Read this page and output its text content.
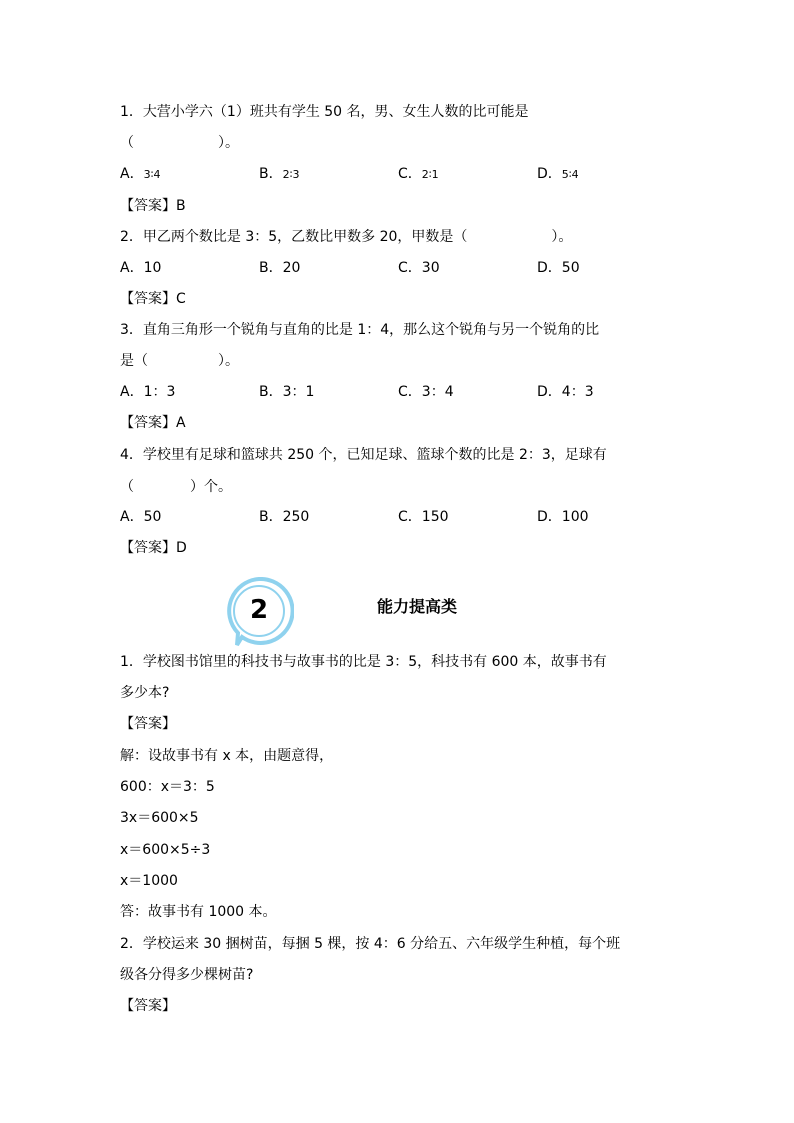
1．大营小学六（1）班共有学生 50 名，男、女生人数的比可能是

（　　　　　　）。

A．3∶4	B．2∶3	C．2∶1	D．5∶4

【答案】B

2．甲乙两个数比是 3：5，乙数比甲数多 20，甲数是（　　　　　　）。

A．10	B．20	C．30	D．50

【答案】C

3．直角三角形一个锐角与直角的比是 1：4，那么这个锐角与另一个锐角的比

是（　　　　　）。

A．1：3	B．3：1	C．3：4	D．4：3

【答案】A

4．学校里有足球和篮球共 250 个，已知足球、篮球个数的比是 2：3，足球有

（　　　　）个。

A．50	B．250	C．150	D．100

【答案】D

2	能力提高类

1．学校图书馆里的科技书与故事书的比是 3：5，科技书有 600 本，故事书有

多少本?

【答案】

解：设故事书有 x 本，由题意得，

600：x＝3：5

3x＝600×5

x＝600×5÷3

x＝1000

答：故事书有 1000 本。

2．学校运来 30 捆树苗，每捆 5 棵，按 4：6 分给五、六年级学生种植，每个班

级各分得多少棵树苗?

【答案】
